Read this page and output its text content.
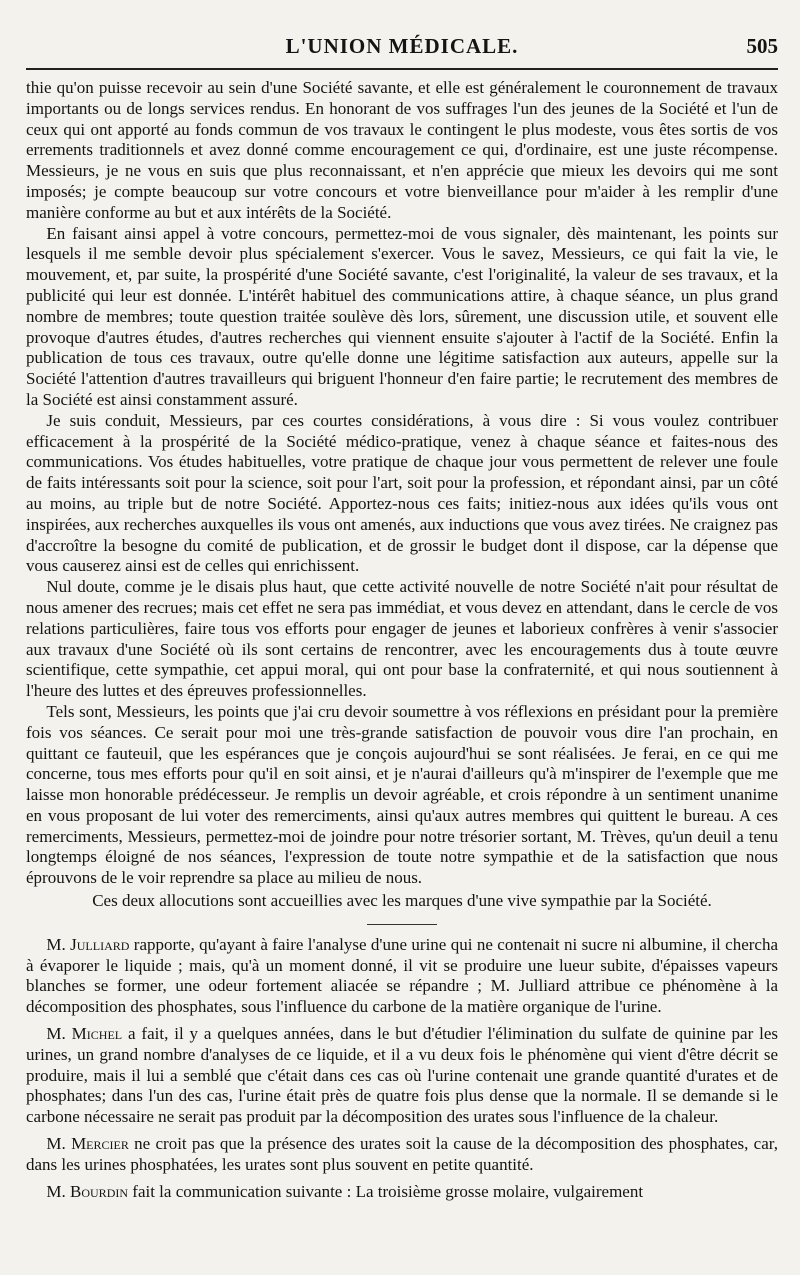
L'UNION MÉDICALE.	505

thie qu'on puisse recevoir au sein d'une Société savante, et elle est généralement le couronnement de travaux importants ou de longs services rendus. En honorant de vos suffrages l'un des jeunes de la Société et l'un de ceux qui ont apporté au fonds commun de vos travaux le contingent le plus modeste, vous êtes sortis de vos errements traditionnels et avez donné comme encouragement ce qui, d'ordinaire, est une juste récompense. Messieurs, je ne vous en suis que plus reconnaissant, et n'en apprécie que mieux les devoirs qui me sont imposés; je compte beaucoup sur votre concours et votre bienveillance pour m'aider à les remplir d'une manière conforme au but et aux intérêts de la Société.

En faisant ainsi appel à votre concours, permettez-moi de vous signaler, dès maintenant, les points sur lesquels il me semble devoir plus spécialement s'exercer. Vous le savez, Messieurs, ce qui fait la vie, le mouvement, et, par suite, la prospérité d'une Société savante, c'est l'originalité, la valeur de ses travaux, et la publicité qui leur est donnée. L'intérêt habituel des communications attire, à chaque séance, un plus grand nombre de membres; toute question traitée soulève dès lors, sûrement, une discussion utile, et souvent elle provoque d'autres études, d'autres recherches qui viennent ensuite s'ajouter à l'actif de la Société. Enfin la publication de tous ces travaux, outre qu'elle donne une légitime satisfaction aux auteurs, appelle sur la Société l'attention d'autres travailleurs qui briguent l'honneur d'en faire partie; le recrutement des membres de la Société est ainsi constamment assuré.

Je suis conduit, Messieurs, par ces courtes considérations, à vous dire : Si vous voulez contribuer efficacement à la prospérité de la Société médico-pratique, venez à chaque séance et faites-nous des communications. Vos études habituelles, votre pratique de chaque jour vous permettent de relever une foule de faits intéressants soit pour la science, soit pour l'art, soit pour la profession, et répondant ainsi, par un côté au moins, au triple but de notre Société. Apportez-nous ces faits; initiez-nous aux idées qu'ils vous ont inspirées, aux recherches auxquelles ils vous ont amenés, aux inductions que vous avez tirées. Ne craignez pas d'accroître la besogne du comité de publication, et de grossir le budget dont il dispose, car la dépense que vous causerez ainsi est de celles qui enrichissent.

Nul doute, comme je le disais plus haut, que cette activité nouvelle de notre Société n'ait pour résultat de nous amener des recrues; mais cet effet ne sera pas immédiat, et vous devez en attendant, dans le cercle de vos relations particulières, faire tous vos efforts pour engager de jeunes et laborieux confrères à venir s'associer aux travaux d'une Société où ils sont certains de rencontrer, avec les encouragements dus à toute œuvre scientifique, cette sympathie, cet appui moral, qui ont pour base la confraternité, et qui nous soutiennent à l'heure des luttes et des épreuves professionnelles.

Tels sont, Messieurs, les points que j'ai cru devoir soumettre à vos réflexions en présidant pour la première fois vos séances. Ce serait pour moi une très-grande satisfaction de pouvoir vous dire l'an prochain, en quittant ce fauteuil, que les espérances que je conçois aujourd'hui se sont réalisées. Je ferai, en ce qui me concerne, tous mes efforts pour qu'il en soit ainsi, et je n'aurai d'ailleurs qu'à m'inspirer de l'exemple que me laisse mon honorable prédécesseur. Je remplis un devoir agréable, et crois répondre à un sentiment unanime en vous proposant de lui voter des remerciments, ainsi qu'aux autres membres qui quittent le bureau. A ces remerciments, Messieurs, permettez-moi de joindre pour notre trésorier sortant, M. Trèves, qu'un deuil a tenu longtemps éloigné de nos séances, l'expression de toute notre sympathie et de la satisfaction que nous éprouvons de le voir reprendre sa place au milieu de nous.

Ces deux allocutions sont accueillies avec les marques d'une vive sympathie par la Société.

M. Julliard rapporte, qu'ayant à faire l'analyse d'une urine qui ne contenait ni sucre ni albumine, il chercha à évaporer le liquide ; mais, qu'à un moment donné, il vit se produire une lueur subite, d'épaisses vapeurs blanches se former, une odeur fortement aliacée se répandre ; M. Julliard attribue ce phénomène à la décomposition des phosphates, sous l'influence du carbone de la matière organique de l'urine.

M. Michel a fait, il y a quelques années, dans le but d'étudier l'élimination du sulfate de quinine par les urines, un grand nombre d'analyses de ce liquide, et il a vu deux fois le phénomène qui vient d'être décrit se produire, mais il lui a semblé que c'était dans ces cas où l'urine contenait une grande quantité d'urates et de phosphates; dans l'un des cas, l'urine était près de quatre fois plus dense que la normale. Il se demande si le carbone nécessaire ne serait pas produit par la décomposition des urates sous l'influence de la chaleur.

M. Mercier ne croit pas que la présence des urates soit la cause de la décomposition des phosphates, car, dans les urines phosphatées, les urates sont plus souvent en petite quantité.

M. Bourdin fait la communication suivante : La troisième grosse molaire, vulgairement
